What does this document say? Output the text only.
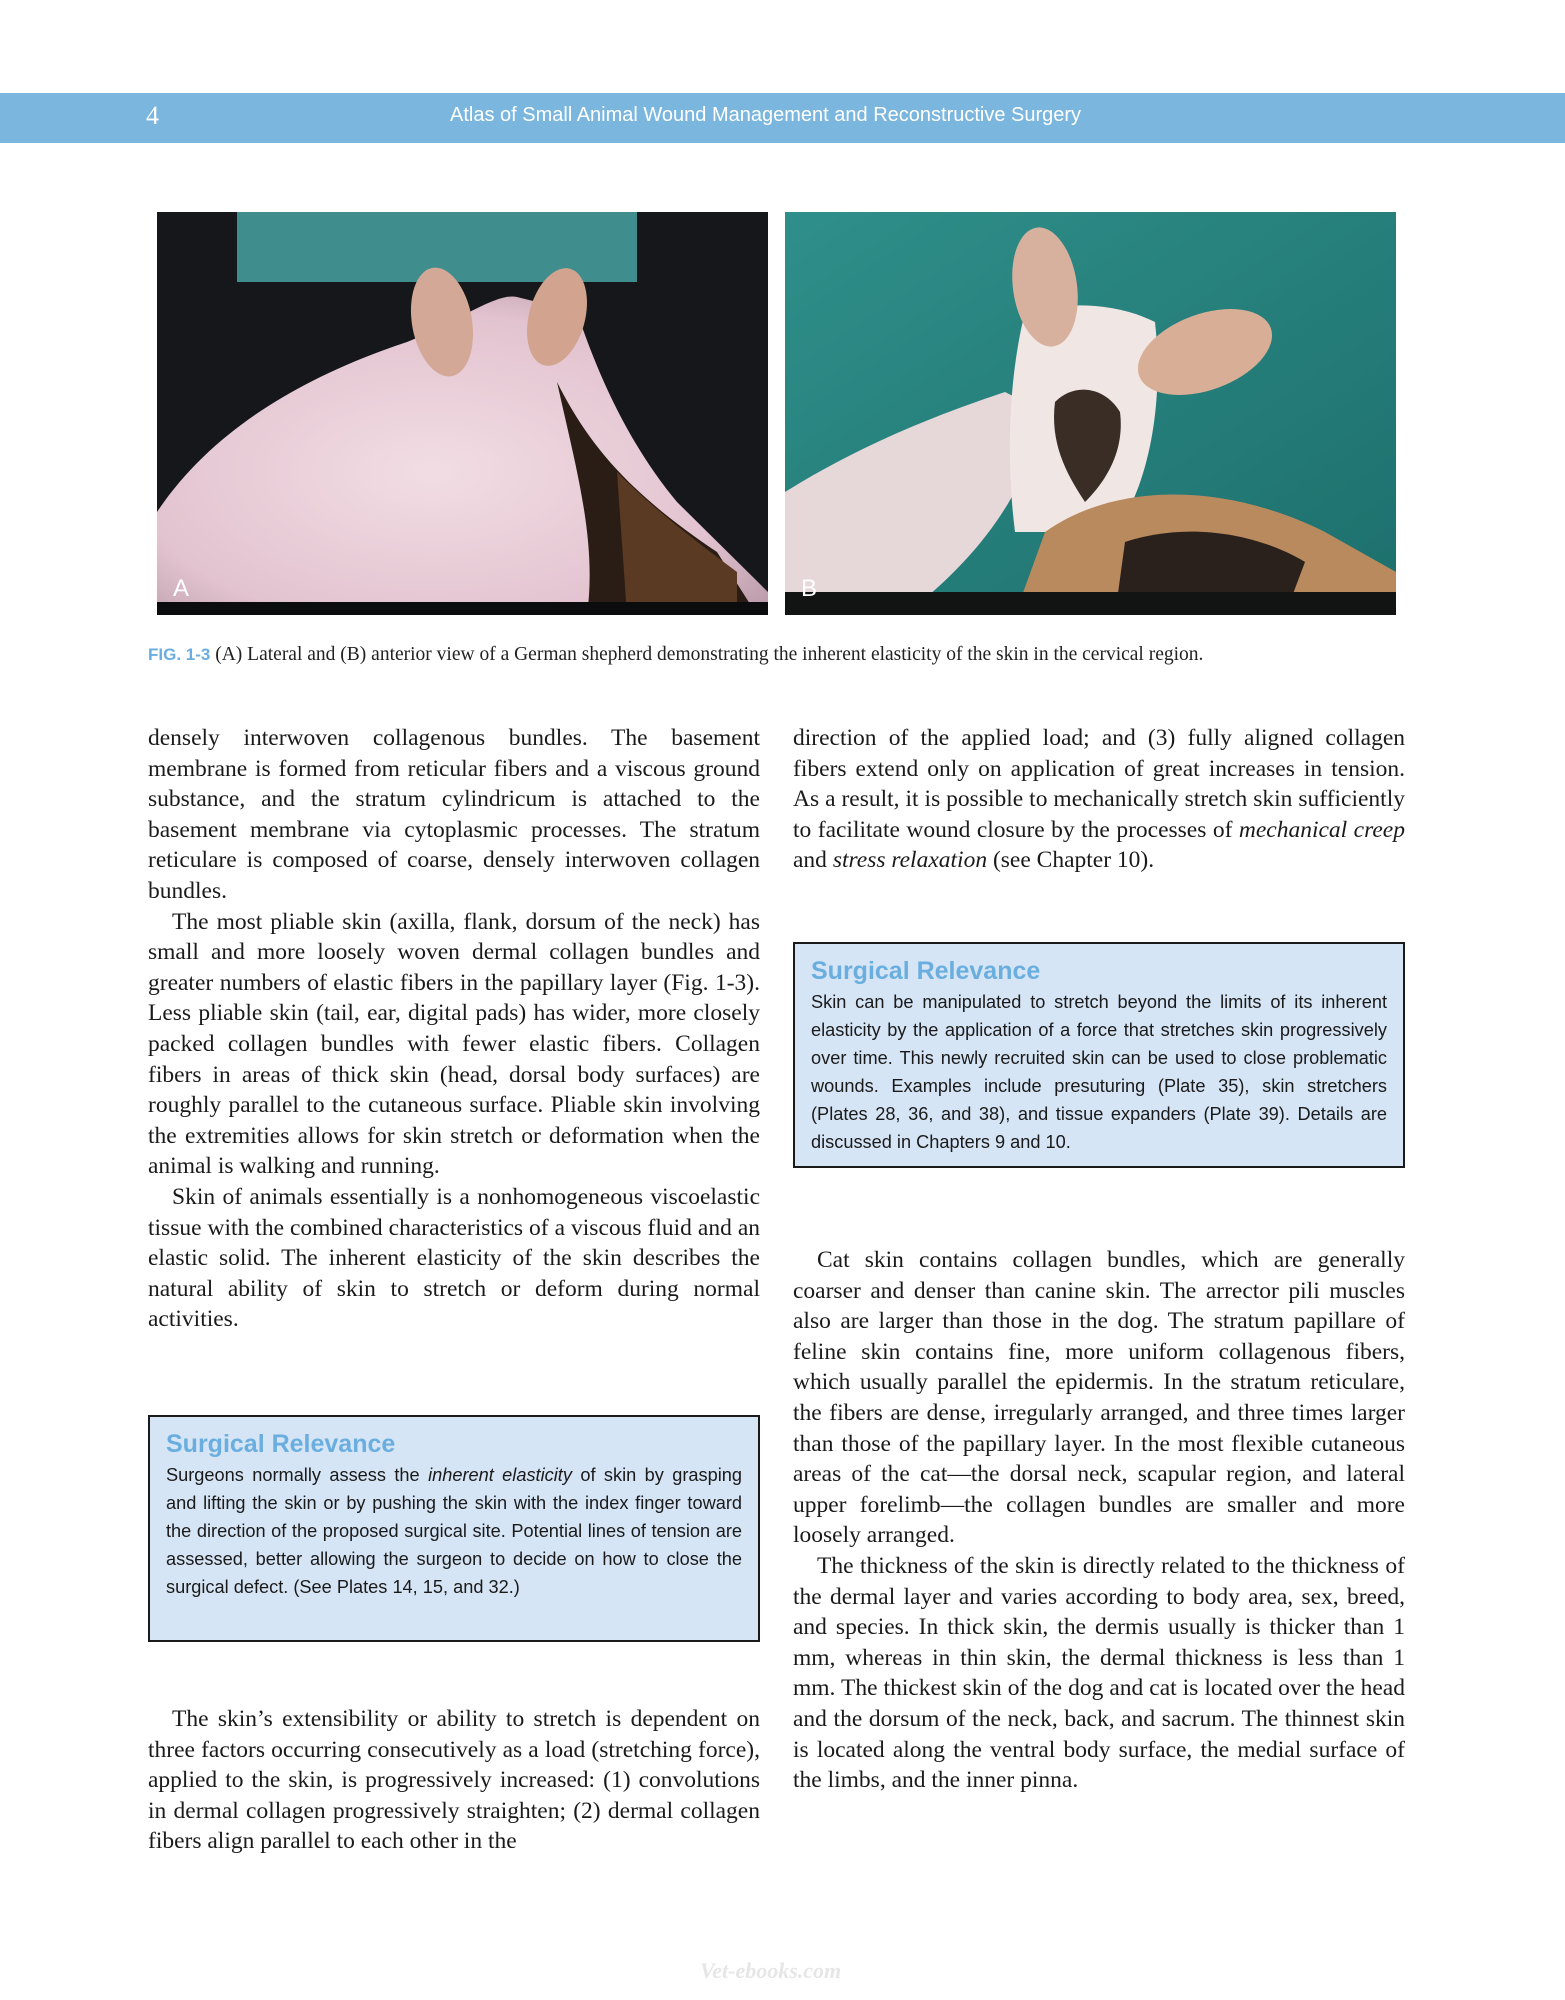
4	Atlas of Small Animal Wound Management and Reconstructive Surgery
A	B
FIG. 1-3 (A) Lateral and (B) anterior view of a German shepherd demonstrating the inherent elasticity of the skin in the cervical region.

densely interwoven collagenous bundles. The basement membrane is formed from reticular fibers and a viscous ground substance, and the stratum cylindricum is attached to the basement membrane via cytoplasmic processes. The stratum reticulare is composed of coarse, densely interwoven collagen bundles.

The most pliable skin (axilla, flank, dorsum of the neck) has small and more loosely woven dermal collagen bundles and greater numbers of elastic fibers in the papillary layer (Fig. 1-3). Less pliable skin (tail, ear, digital pads) has wider, more closely packed collagen bundles with fewer elastic fibers. Collagen fibers in areas of thick skin (head, dorsal body surfaces) are roughly parallel to the cutaneous surface. Pliable skin involving the extremities allows for skin stretch or deformation when the animal is walking and running.

Skin of animals essentially is a nonhomogeneous viscoelastic tissue with the combined characteristics of a viscous fluid and an elastic solid. The inherent elasticity of the skin describes the natural ability of skin to stretch or deform during normal activities.

Surgical Relevance
Surgeons normally assess the inherent elasticity of skin by grasping and lifting the skin or by pushing the skin with the index finger toward the direction of the proposed surgical site. Potential lines of tension are assessed, better allowing the surgeon to decide on how to close the surgical defect. (See Plates 14, 15, and 32.)

The skin’s extensibility or ability to stretch is dependent on three factors occurring consecutively as a load (stretching force), applied to the skin, is progressively increased: (1) convolutions in dermal collagen progressively straighten; (2) dermal collagen fibers align parallel to each other in the

direction of the applied load; and (3) fully aligned collagen fibers extend only on application of great increases in tension. As a result, it is possible to mechanically stretch skin sufficiently to facilitate wound closure by the processes of mechanical creep and stress relaxation (see Chapter 10).

Surgical Relevance
Skin can be manipulated to stretch beyond the limits of its inherent elasticity by the application of a force that stretches skin progressively over time. This newly recruited skin can be used to close problematic wounds. Examples include presuturing (Plate 35), skin stretchers (Plates 28, 36, and 38), and tissue expanders (Plate 39). Details are discussed in Chapters 9 and 10.

Cat skin contains collagen bundles, which are generally coarser and denser than canine skin. The arrector pili muscles also are larger than those in the dog. The stratum papillare of feline skin contains fine, more uniform collagenous fibers, which usually parallel the epidermis. In the stratum reticulare, the fibers are dense, irregularly arranged, and three times larger than those of the papillary layer. In the most flexible cutaneous areas of the cat—the dorsal neck, scapular region, and lateral upper forelimb—the collagen bundles are smaller and more loosely arranged.

The thickness of the skin is directly related to the thickness of the dermal layer and varies according to body area, sex, breed, and species. In thick skin, the dermis usually is thicker than 1 mm, whereas in thin skin, the dermal thickness is less than 1 mm. The thickest skin of the dog and cat is located over the head and the dorsum of the neck, back, and sacrum. The thinnest skin is located along the ventral body surface, the medial surface of the limbs, and the inner pinna.

Vet-ebooks.com
